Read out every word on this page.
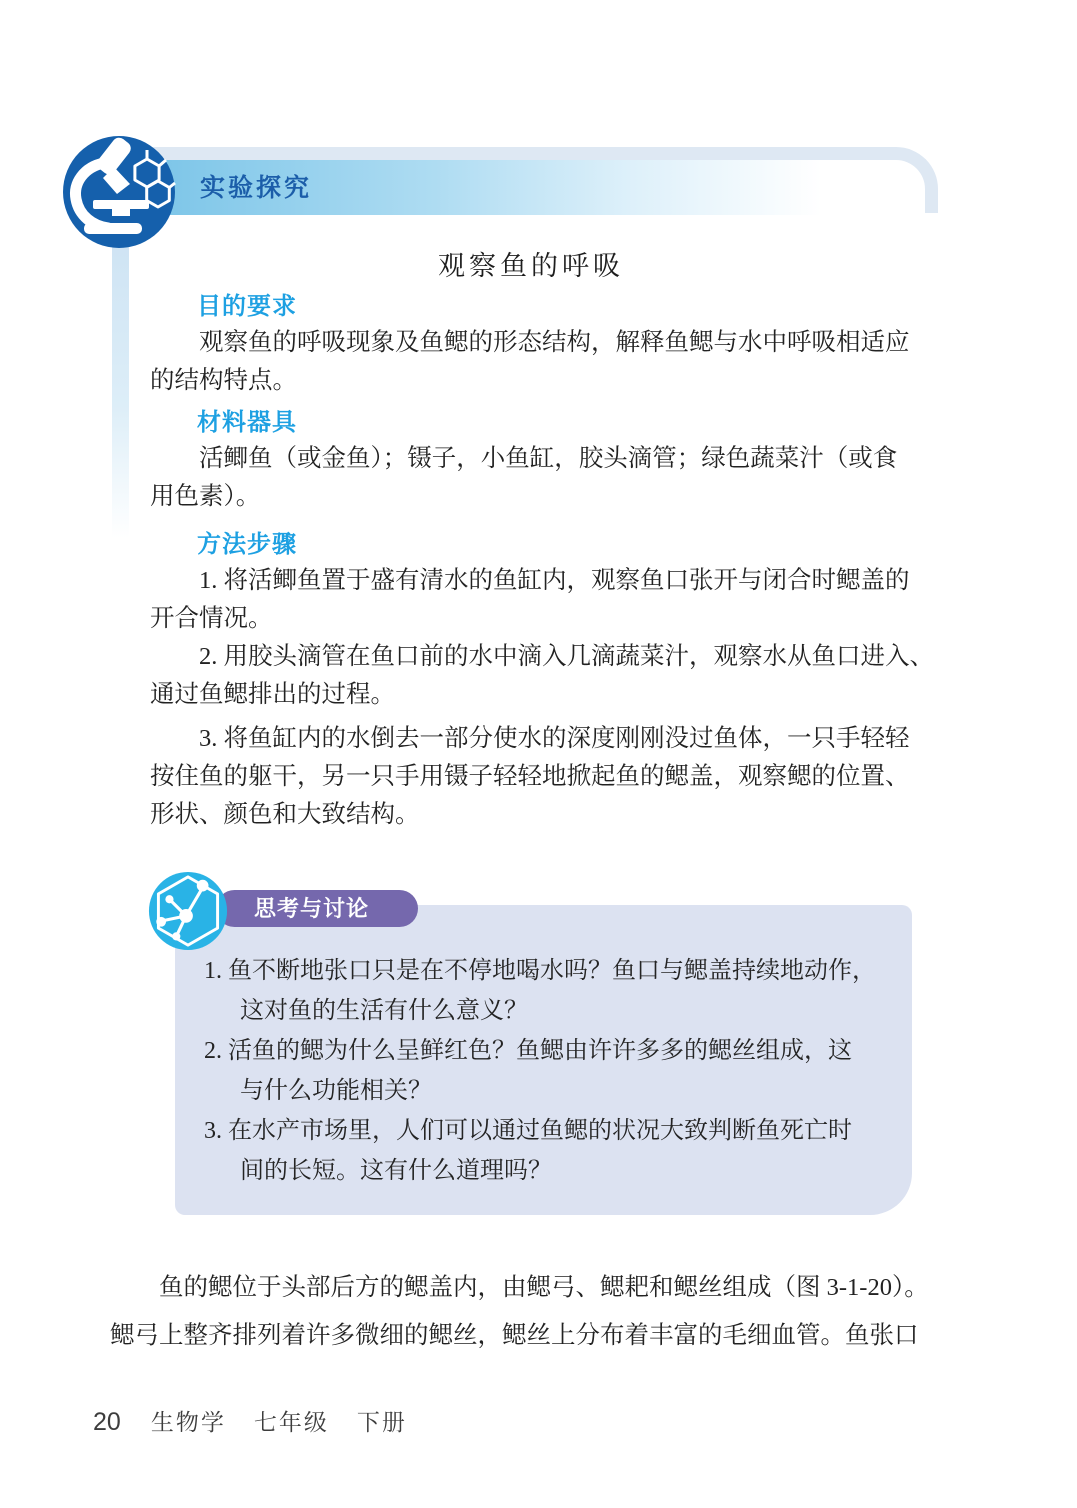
实验探究
观察鱼的呼吸
目的要求
观察鱼的呼吸现象及鱼鳃的形态结构，解释鱼鳃与水中呼吸相适应
的结构特点。
材料器具
活鲫鱼（或金鱼）；镊子，小鱼缸，胶头滴管；绿色蔬菜汁（或食
用色素）。
方法步骤
1. 将活鲫鱼置于盛有清水的鱼缸内，观察鱼口张开与闭合时鳃盖的
开合情况。
2. 用胶头滴管在鱼口前的水中滴入几滴蔬菜汁，观察水从鱼口进入、
通过鱼鳃排出的过程。
3. 将鱼缸内的水倒去一部分使水的深度刚刚没过鱼体，一只手轻轻
按住鱼的躯干，另一只手用镊子轻轻地掀起鱼的鳃盖，观察鳃的位置、
形状、颜色和大致结构。
1. 鱼不断地张口只是在不停地喝水吗？鱼口与鳃盖持续地动作，
这对鱼的生活有什么意义？
2. 活鱼的鳃为什么呈鲜红色？鱼鳃由许许多多的鳃丝组成，这
与什么功能相关？
3. 在水产市场里，人们可以通过鱼鳃的状况大致判断鱼死亡时
间的长短。这有什么道理吗？
思考与讨论
鱼的鳃位于头部后方的鳃盖内，由鳃弓、鳃耙和鳃丝组成（图 3-1-20）。
鳃弓上整齐排列着许多微细的鳃丝，鳃丝上分布着丰富的毛细血管。鱼张口
20 生物学 七年级 下册
